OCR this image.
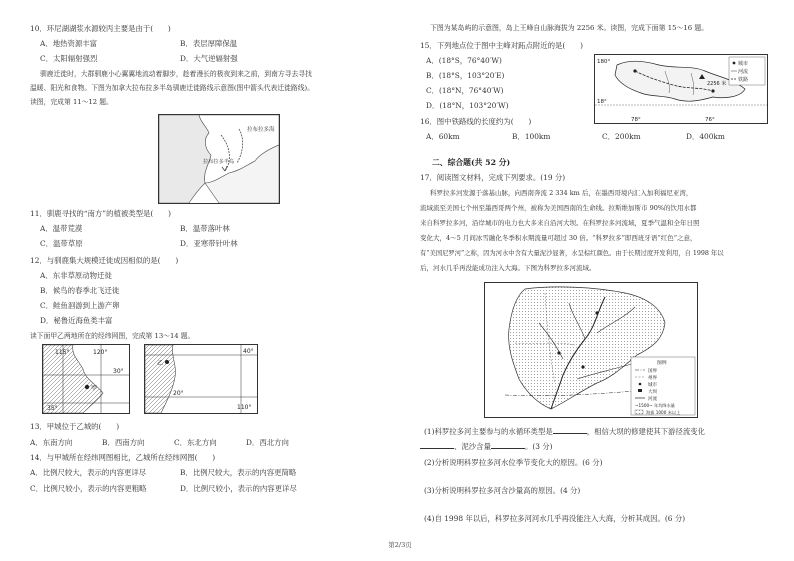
10．环尼湖湖浆水源较丙主要是由于(　　)
A．地热资源丰富	B．表层厚障保温
C．太阳辐射强烈	D．大气逆辐射强
驯鹿迁徙时，大群驯鹿小心翼翼地流动着脚步，趁着漫长的极夜到来之前，到南方寻去寻找
温暖、阳光和食物。下图为加拿大拉布拉多半岛驯鹿迁徙路线示意图(图中箭头代表迁徙路线)。
读图，完成第 11～12 题。
拉布拉多海
拉布拉多半岛
11．驯鹿寻找的“南方”的植被类型是(　　)
A．温带荒漠	B．温带落叶林
C．温带草原	D．亚寒带针叶林
12．与驯鹿集大规模迁徙成因相似的是(　　)
A．东非草原动物迁徙
B．候鸟的春季北飞迁徙
C．鲑鱼洄游到上游产卵
D．秘鲁近海鱼类丰富
读下面甲乙两地所在的经纬网图，完成第 13～14 题。
115°	120°
30°
35°
甲
乙
40°
20°
110°
13．甲城位于乙城的(　　)
A．东南方向	B．西南方向	C．东北方向	D．西北方向
14．与甲城所在经纬网图相比，乙城所在经纬网图(　　)
A．比例尺较大，表示的内容更详尽	B．比例尺较大，表示的内容更简略
C．比例尺较小，表示的内容更粗略	D．比例尺较小，表示的内容更详尽
下图为某岛屿的示意图，岛上王峰自山脉海拔为 2256 米。读图，完成下面第 15～16 题。
15．下列地点位于图中主峰对跖点附近的是(　　)
A．(18°S，76°40′W)
B．(18°S，103°20′E)
C．(18°N，76°40′W)
D．(18°N，103°20′W)
180°
78°	76°
18°
2256 米
城市
河流
铁路
16．图中铁路线的长度约为(　　)
A．60km	B．100km	C．200km	D．400km
二、综合题(共 52 分)
17．阅读图文材料，完成下列要求。(19 分)
科罗拉多河发源于落基山脉，向西南奔流 2 334 km 后，在墨西哥境内汇入加利福尼亚湾，
流域流至美国七个州至墨西哥两个州，被称为美国西南的生命线。拉斯维加斯市 90%的饮用水都
来自科罗拉多河，沿岸城市的电力也大多来自沿河大坝。在科罗拉多河流域，夏季气温和全年日照
变化大，4～5 月间冰雪融化冬季积水期流量可超过 30 倍。“科罗拉多”即西班牙语“红色”之意，
有“美国尼罗河”之称，因为河水中含有大量泥沙显著，水呈棕红颜色。由于长期过度开发利用，自 1998 年以
后，河水几乎再没能成功注入大海。下图为科罗拉多河流域。
图例
国界
州界
城市
大坝
河流
~1500~ 年均降水量
海拔 1000 米以上
(1)科罗拉多河主要参与的水循环类型是	，相信大坝的修建使其下游径流变化
、泥沙含量	。(3 分)
(2)分析说明科罗拉多河水位季节变化大的原因。(6 分)
(3)分析说明科罗拉多河含沙量高的原因。(4 分)
(4)自 1998 年以后，科罗拉多河河水几乎再没能注入大海，分析其成因。(6 分)
第2/3页
